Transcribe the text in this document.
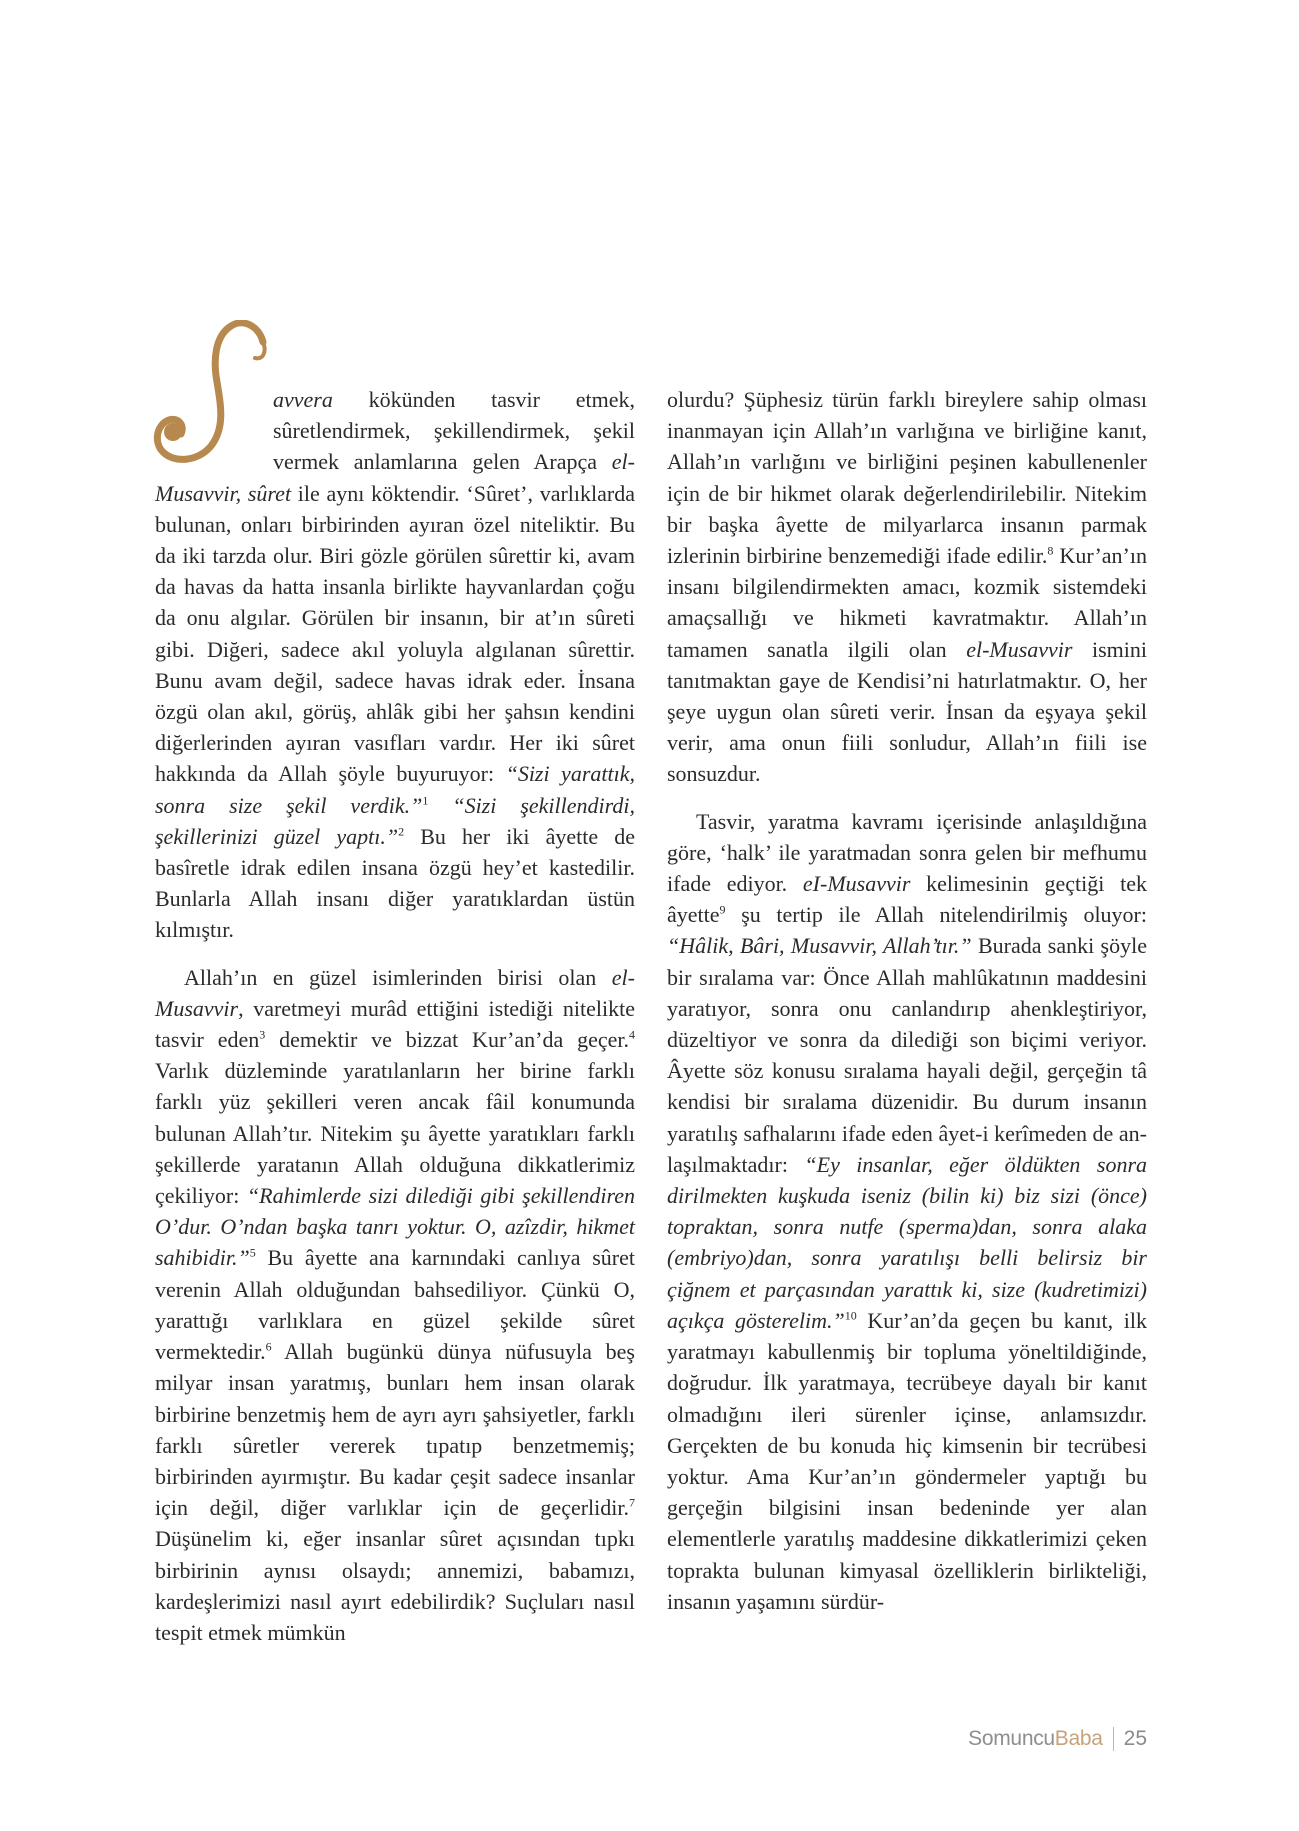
avvera kökünden tasvir etmek, sûretlendirmek, şekillendirmek, şekil vermek anlamlarına gelen Arapça el-Musavvir, sûret ile aynı köktendir. ‘Sûret’, varlıklarda bulunan, onları birbirinden ayıran özel niteliktir. Bu da iki tarzda olur. Biri gözle görülen sûrettir ki, avam da havas da hatta insanla birlikte hayvanlardan çoğu da onu algılar. Görülen bir insanın, bir at’ın sûreti gibi. Diğeri, sadece akıl yoluyla algılanan sûrettir. Bunu avam değil, sadece havas idrak eder. İnsana özgü olan akıl, görüş, ahlâk gibi her şahsın kendini diğerlerinden ayıran vasıfları vardır. Her iki sûret hakkında da Allah şöyle buyuruyor: “Sizi yarattık, sonra size şekil verdik.”$^1$ “Sizi şekillendirdi, şekillerinizi güzel yaptı.”$^2$ Bu her iki âyette de basîretle idrak edilen insana özgü hey’et kastedilir. Bunlarla Allah insanı diğer yaratıklardan üstün kılmıştır.

Allah’ın en güzel isimlerinden birisi olan el-Musavvir, varetmeyi murâd ettiğini istediği nitelikte tasvir eden$^3$ demektir ve bizzat Kur’an’da geçer.$^4$ Varlık düzleminde yaratılanların her birine farklı farklı yüz şekilleri veren ancak fâil konumunda bulunan Allah’tır. Nitekim şu âyette yaratıkları farklı şekillerde yaratanın Allah olduğuna dikkatlerimiz çekiliyor: “Rahimlerde sizi dilediği gibi şekillendiren O’dur. O’ndan başka tanrı yoktur. O, azîzdir, hikmet sahibidir.”$^5$ Bu âyette ana karnındaki canlıya sûret verenin Allah olduğundan bahsediliyor. Çünkü O, yarattığı varlıklara en güzel şekilde sûret vermektedir.$^6$ Allah bugünkü dünya nüfusuyla beş milyar insan yaratmış, bunları hem insan olarak birbirine benzetmiş hem de ayrı ayrı şahsiyetler, farklı farklı sûretler vererek tıpatıp benzetmemiş; birbirinden ayırmıştır. Bu kadar çeşit sadece insanlar için değil, diğer varlıklar için de geçerlidir.$^7$ Düşünelim ki, eğer insanlar sûret açısından tıpkı birbirinin aynısı olsaydı; annemizi, babamızı, kardeşlerimizi nasıl ayırt edebilirdik? Suçluları nasıl tespit etmek mümkün

olurdu? Şüphesiz türün farklı bireylere sahip olması inanmayan için Allah’ın varlığına ve birliğine kanıt, Allah’ın varlığını ve birliğini peşinen kabullenenler için de bir hikmet olarak değerlendirilebilir. Nitekim bir başka âyette de milyarlarca insanın parmak izlerinin birbirine benzemediği ifade edilir.$^8$ Kur’an’ın insanı bilgilendirmekten amacı, kozmik sistemdeki amaçsallığı ve hikmeti kavratmaktır. Allah’ın tamamen sanatla ilgili olan el-Musavvir ismini tanıtmaktan gaye de Kendisi’ni hatırlatmaktır. O, her şeye uygun olan sûreti verir. İnsan da eşyaya şekil verir, ama onun fiili sonludur, Allah’ın fiili ise sonsuzdur.

Tasvir, yaratma kavramı içerisinde anlaşıldığına göre, ‘halk’ ile yaratmadan sonra gelen bir mefhumu ifade ediyor. eI-Musavvir kelimesinin geçtiği tek âyette$^9$ şu tertip ile Allah nitelendirilmiş oluyor: “Hâlik, Bâri, Musavvir, Allah’tır.” Burada sanki şöyle bir sıralama var: Önce Allah mahlûkatının maddesini yaratıyor, sonra onu canlandırıp ahenkleştiriyor, düzeltiyor ve sonra da dilediği son biçimi veriyor. Âyette söz konusu sıralama hayali değil, gerçeğin tâ kendisi bir sıralama düzenidir. Bu durum insanın yaratılış safhalarını ifade eden âyet-i kerîmeden de anlaşılmaktadır: “Ey insanlar, eğer öldükten sonra dirilmekten kuşkuda iseniz (bilin ki) biz sizi (önce) topraktan, sonra nutfe (sperma)dan, sonra alaka (embriyo)dan, sonra yaratılışı belli belirsiz bir çiğnem et parçasından yarattık ki, size (kudretimizi) açıkça gösterelim.”$^{10}$ Kur’an’da geçen bu kanıt, ilk yaratmayı kabullenmiş bir topluma yöneltildiğinde, doğrudur. İlk yaratmaya, tecrübeye dayalı bir kanıt olmadığını ileri sürenler içinse, anlamsızdır. Gerçekten de bu konuda hiç kimsenin bir tecrübesi yoktur. Ama Kur’an’ın göndermeler yaptığı bu gerçeğin bilgisini insan bedeninde yer alan elementlerle yaratılış maddesine dikkatlerimizi çeken toprakta bulunan kimyasal özelliklerin birlikteliği, insanın yaşamını sürdür-

SomuncuBaba 25
